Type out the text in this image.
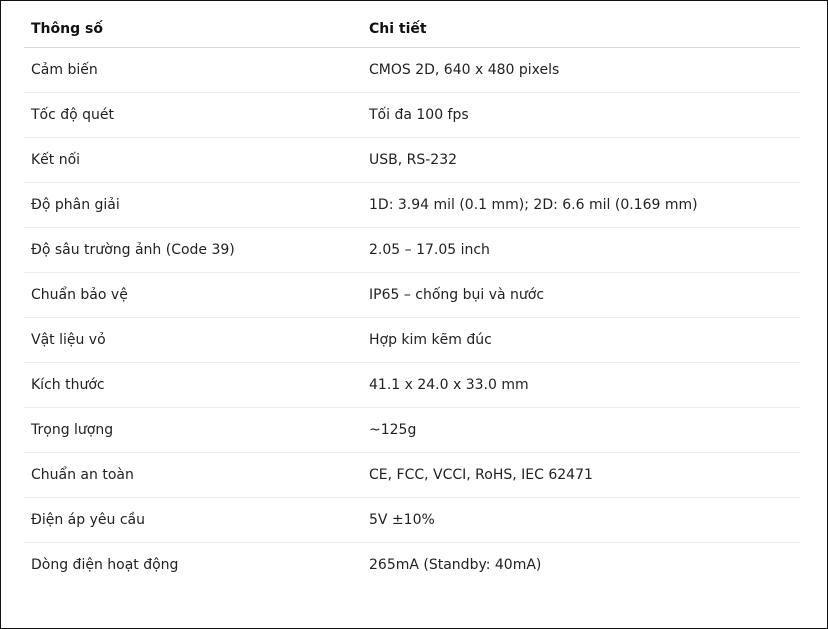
Thông số	Chi tiết
Cảm biến	CMOS 2D, 640 x 480 pixels
Tốc độ quét	Tối đa 100 fps
Kết nối	USB, RS-232
Độ phân giải	1D: 3.94 mil (0.1 mm); 2D: 6.6 mil (0.169 mm)
Độ sâu trường ảnh (Code 39)	2.05 – 17.05 inch
Chuẩn bảo vệ	IP65 – chống bụi và nước
Vật liệu vỏ	Hợp kim kẽm đúc
Kích thước	41.1 x 24.0 x 33.0 mm
Trọng lượng	~125g
Chuẩn an toàn	CE, FCC, VCCI, RoHS, IEC 62471
Điện áp yêu cầu	5V ±10%
Dòng điện hoạt động	265mA (Standby: 40mA)
